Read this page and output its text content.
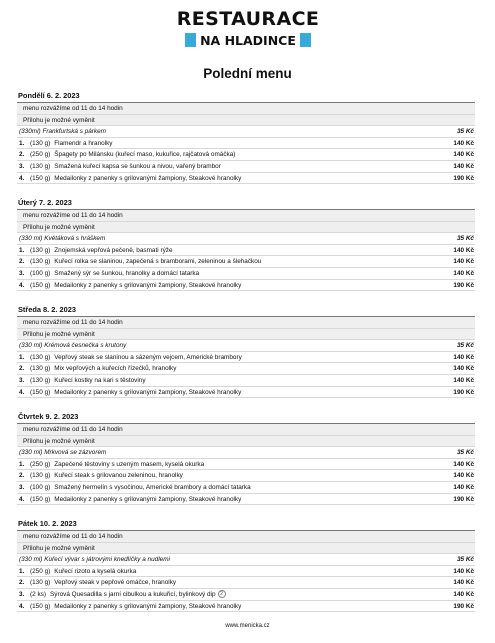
RESTAURACE
NA HLADINCE
Polední menu
Pondělí 6. 2. 2023
menu rozvážíme od 11 do 14 hodin
Přílohu je možné vyměnit
(330ml) Frankfurtská s párkem	35 Kč
1. (130 g) Flamendr a hranolky	140 Kč
2. (250 g) Špagety po Milánsku (kuřecí maso, kukuřice, rajčatová omáčka)	140 Kč
3. (130 g) Smažená kuřecí kapsa se šunkou a nivou, vařený brambor	140 Kč
4. (150 g) Medailonky z panenky s grilovanými žampiony, Steakové hranolky	190 Kč
Úterý 7. 2. 2023
menu rozvážíme od 11 do 14 hodin
Přílohu je možné vyměnit
(330 ml) Květáková s hráškem	35 Kč
1. (130 g) Znojemská vepřová pečeně, basmati rýže	140 Kč
2. (130 g) Kuřecí rolka se slaninou, zapečená s bramborami, zeleninou a šlehačkou	140 Kč
3. (100 g) Smažený sýr se šunkou, hranolky a domácí tatarka	140 Kč
4. (150 g) Medailonky z panenky s grilovanými žampiony, Steakové hranolky	190 Kč
Středa 8. 2. 2023
menu rozvážíme od 11 do 14 hodin
Přílohu je možné vyměnit
(330 ml) Krémová česnečka s krutony	35 Kč
1. (130 g) Vepřový steak se slaninou a sázeným vejcem, Americké brambory	140 Kč
2. (130 g) Mix vepřových a kuřecích řízečků, hranolky	140 Kč
3. (130 g) Kuřecí kostky na kari s těstoviny	140 Kč
4. (150 g) Medailonky z panenky s grilovanými žampiony, Steakové hranolky	190 Kč
Čtvrtek 9. 2. 2023
menu rozvážíme od 11 do 14 hodin
Přílohu je možné vyměnit
(330 ml) Mrkvová se zázvorem	35 Kč
1. (250 g) Zapečené těstoviny s uzeným masem, kyselá okurka	140 Kč
2. (130 g) Kuřecí steak s grilovanou zeleninou, hranolky	140 Kč
3. (100 g) Smažený hermelín s vysočinou, Americké brambory a domácí tatarka	140 Kč
4. (150 g) Medailonky z panenky s grilovanými žampiony, Steakové hranolky	190 Kč
Pátek 10. 2. 2023
menu rozvážíme od 11 do 14 hodin
Přílohu je možné vyměnit
(330 ml) Kuřecí vývar s játrovými knedlíčky a nudlemi	35 Kč
1. (250 g) Kuřecí rizoto a kyselá okurka	140 Kč
2. (130 g) Vepřový steak v pepřové omáčce, hranolky	140 Kč
3. (2 ks) Sýrová Quesadilla s jarní cibulkou a kukuřicí, bylinkový dip 2	140 Kč
4. (150 g) Medailonky z panenky s grilovanými žampiony, Steakové hranolky	190 Kč
www.menicka.cz
